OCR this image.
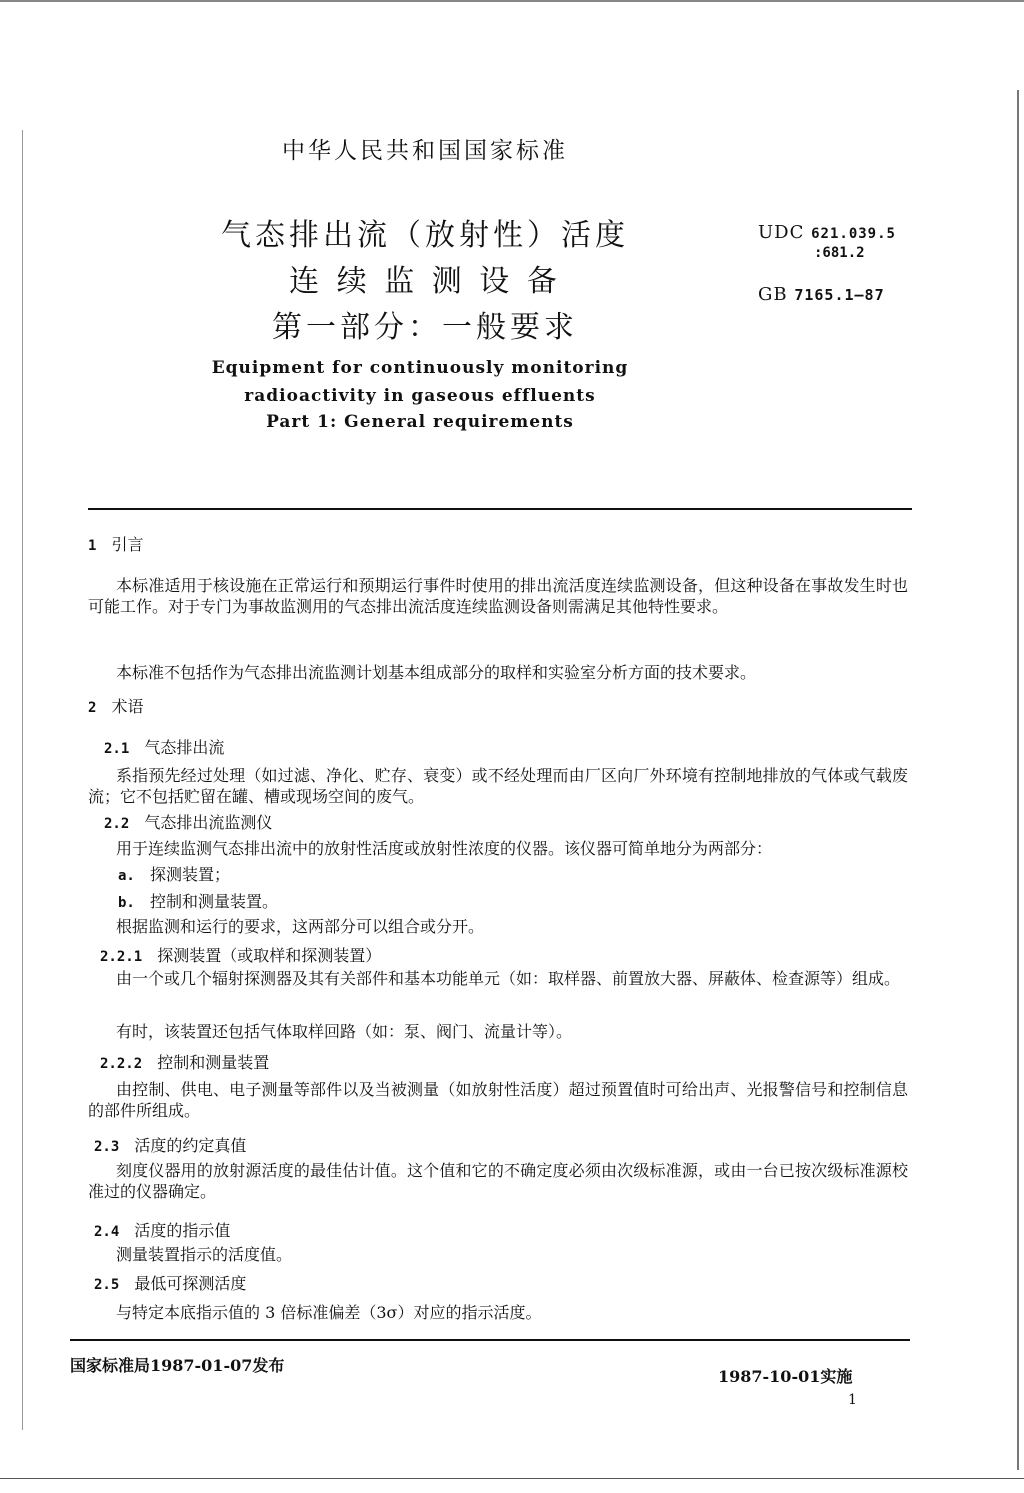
中华人民共和国国家标准
气态排出流（放射性）活度
连 续 监 测 设 备
第一部分：一般要求
Equipment for continuously monitoring
radioactivity in gaseous effluents
Part 1: General requirements
UDC 621.039.5
:681.2
GB 7165.1—87
1 引言
本标准适用于核设施在正常运行和预期运行事件时使用的排出流活度连续监测设备，但这种设备在事故发生时也可能工作。对于专门为事故监测用的气态排出流活度连续监测设备则需满足其他特性要求。
本标准不包括作为气态排出流监测计划基本组成部分的取样和实验室分析方面的技术要求。
2 术语
2.1 气态排出流
系指预先经过处理（如过滤、净化、贮存、衰变）或不经处理而由厂区向厂外环境有控制地排放的气体或气载废流；它不包括贮留在罐、槽或现场空间的废气。
2.2 气态排出流监测仪
用于连续监测气态排出流中的放射性活度或放射性浓度的仪器。该仪器可简单地分为两部分：
a. 探测装置；
b. 控制和测量装置。
根据监测和运行的要求，这两部分可以组合或分开。
2.2.1 探测装置（或取样和探测装置）
由一个或几个辐射探测器及其有关部件和基本功能单元（如：取样器、前置放大器、屏蔽体、检查源等）组成。
有时，该装置还包括气体取样回路（如：泵、阀门、流量计等）。
2.2.2 控制和测量装置
由控制、供电、电子测量等部件以及当被测量（如放射性活度）超过预置值时可给出声、光报警信号和控制信息的部件所组成。
2.3 活度的约定真值
刻度仪器用的放射源活度的最佳估计值。这个值和它的不确定度必须由次级标准源，或由一台已按次级标准源校准过的仪器确定。
2.4 活度的指示值
测量装置指示的活度值。
2.5 最低可探测活度
与特定本底指示值的 3 倍标准偏差（3σ）对应的指示活度。
国家标准局1987-01-07发布
1987-10-01实施
1
